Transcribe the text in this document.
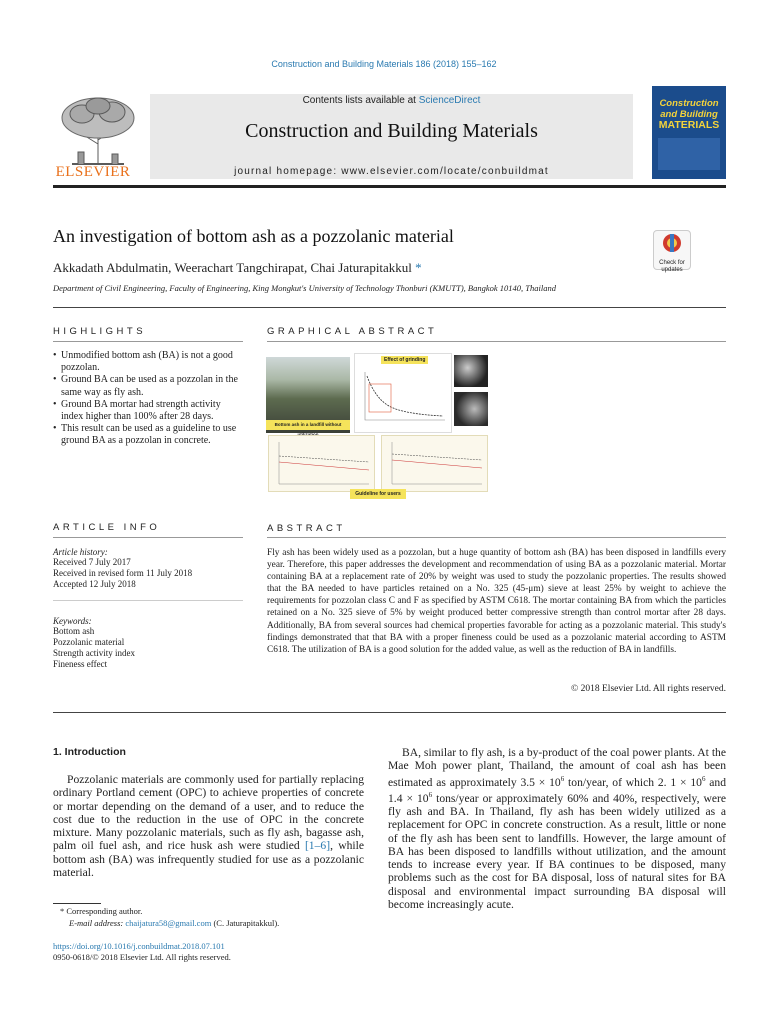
Construction and Building Materials 186 (2018) 155–162
ELSEVIER
Contents lists available at ScienceDirect
Construction and Building Materials
journal homepage: www.elsevier.com/locate/conbuildmat
Construction
and Building
MATERIALS
An investigation of bottom ash as a pozzolanic material
Akkadath Abdulmatin, Weerachart Tangchirapat, Chai Jaturapitakkul *
Department of Civil Engineering, Faculty of Engineering, King Mongkut's University of Technology Thonburi (KMUTT), Bangkok 10140, Thailand
Check for updates
HIGHLIGHTS
• Unmodified bottom ash (BA) is not a good pozzolan.
• Ground BA can be used as a pozzolan in the same way as fly ash.
• Ground BA mortar had strength activity index higher than 100% after 28 days.
• This result can be used as a guideline to use ground BA as a pozzolan in concrete.
GRAPHICAL ABSTRACT
Bottom ash in a landfill without
Effect of grinding
Guideline for users
ARTICLE INFO
Article history:
Received 7 July 2017
Received in revised form 11 July 2018
Accepted 12 July 2018
Keywords:
Bottom ash
Pozzolanic material
Strength activity index
Fineness effect
ABSTRACT
Fly ash has been widely used as a pozzolan, but a huge quantity of bottom ash (BA) has been disposed in landfills every year. Therefore, this paper addresses the development and recommendation of using BA as a pozzolanic material. Mortar containing BA at a replacement rate of 20% by weight was used to study the pozzolanic properties. The results showed that the BA needed to have particles retained on a No. 325 (45-μm) sieve at least 25% by weight to achieve the requirements for pozzolan class C and F as specified by ASTM C618. The mortar containing BA from which the particles retained on a No. 325 sieve of 5% by weight produced better compressive strength than control mortar after 28 days. Additionally, BA from several sources had chemical properties favorable for acting as a pozzolanic material. This study's findings demonstrated that that BA with a proper fineness could be used as a pozzolanic material according to ASTM C618. The utilization of BA is a good solution for the added value, as well as the reduction of BA in landfills.
© 2018 Elsevier Ltd. All rights reserved.
1. Introduction
Pozzolanic materials are commonly used for partially replacing ordinary Portland cement (OPC) to achieve properties of concrete or mortar depending on the demand of a user, and to reduce the cost due to the reduction in the use of OPC in the concrete mixture. Many pozzolanic materials, such as fly ash, bagasse ash, palm oil fuel ash, and rice husk ash were studied [1–6], while bottom ash (BA) was infrequently studied for use as a pozzolanic material.
BA, similar to fly ash, is a by-product of the coal power plants. At the Mae Moh power plant, Thailand, the amount of coal ash has been estimated as approximately $3.5 \times 10^6$ ton/year, of which 2. $1 \times 10^6$ and $1.4 \times 10^6$ tons/year or approximately 60% and 40%, respectively, were fly ash and BA. In Thailand, fly ash has been widely utilized as a replacement for OPC in concrete construction. As a result, little or none of the fly ash has been sent to landfills. However, the large amount of BA has been disposed to landfills without utilization, and the amount tends to increase every year. If BA continues to be disposed, many problems such as the cost for BA disposal, loss of natural sites for BA disposal and environmental impact surrounding BA disposal will become increasingly acute.
* Corresponding author.
E-mail address: chaijatura58@gmail.com (C. Jaturapitakkul).
https://doi.org/10.1016/j.conbuildmat.2018.07.101
0950-0618/© 2018 Elsevier Ltd. All rights reserved.
